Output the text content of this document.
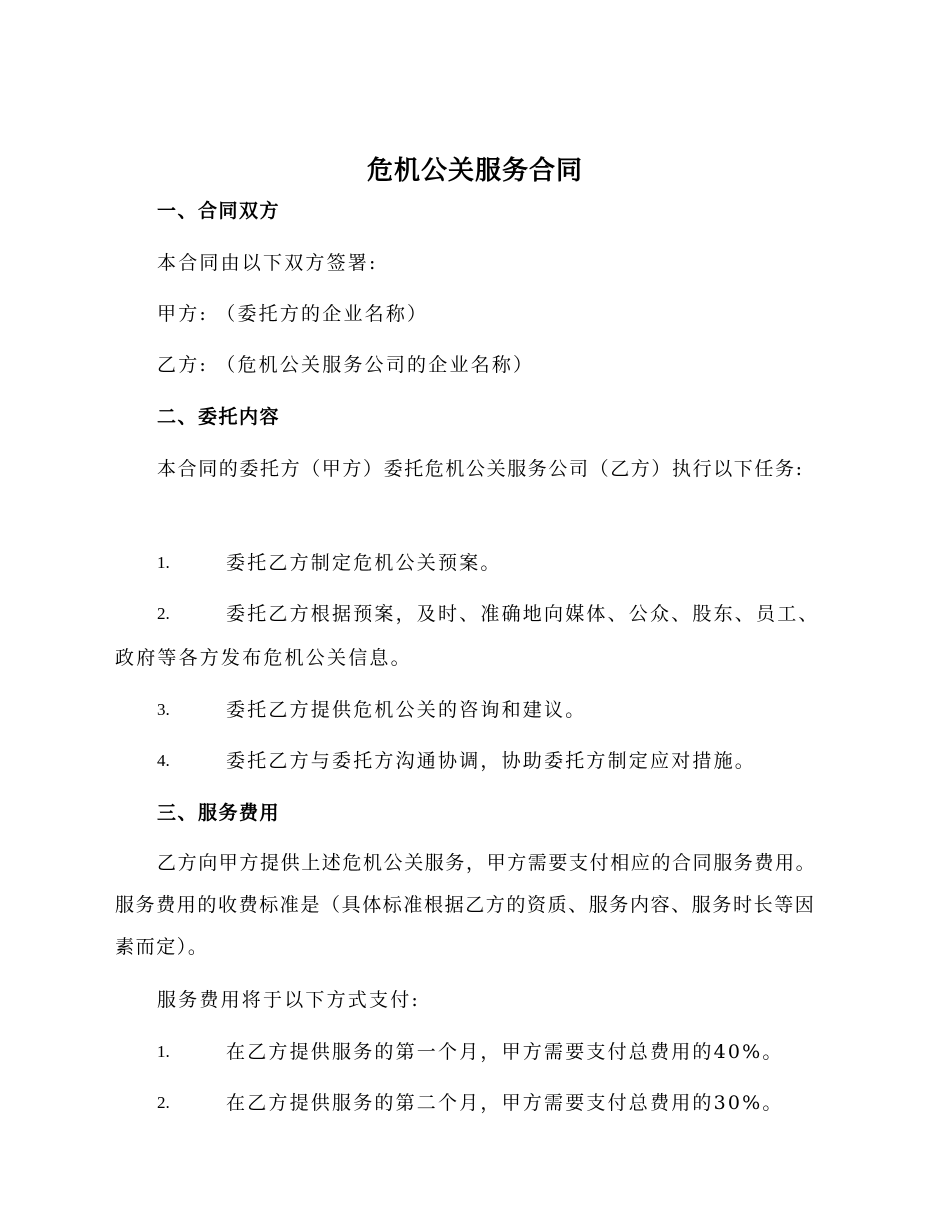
危机公关服务合同
一、合同双方
本合同由以下双方签署:
甲方: （委托方的企业名称）
乙方: （危机公关服务公司的企业名称）
二、委托内容
本合同的委托方（甲方）委托危机公关服务公司（乙方）执行以下任务:
1.	委托乙方制定危机公关预案。
2.	委托乙方根据预案，及时、准确地向媒体、公众、股东、员工、
政府等各方发布危机公关信息。
3.	委托乙方提供危机公关的咨询和建议。
4.	委托乙方与委托方沟通协调，协助委托方制定应对措施。
三、服务费用
乙方向甲方提供上述危机公关服务，甲方需要支付相应的合同服务费用。服务费用的收费标准是（具体标准根据乙方的资质、服务内容、服务时长等因素而定）。
服务费用将于以下方式支付:
1.	在乙方提供服务的第一个月，甲方需要支付总费用的40%。
2.	在乙方提供服务的第二个月，甲方需要支付总费用的30%。
